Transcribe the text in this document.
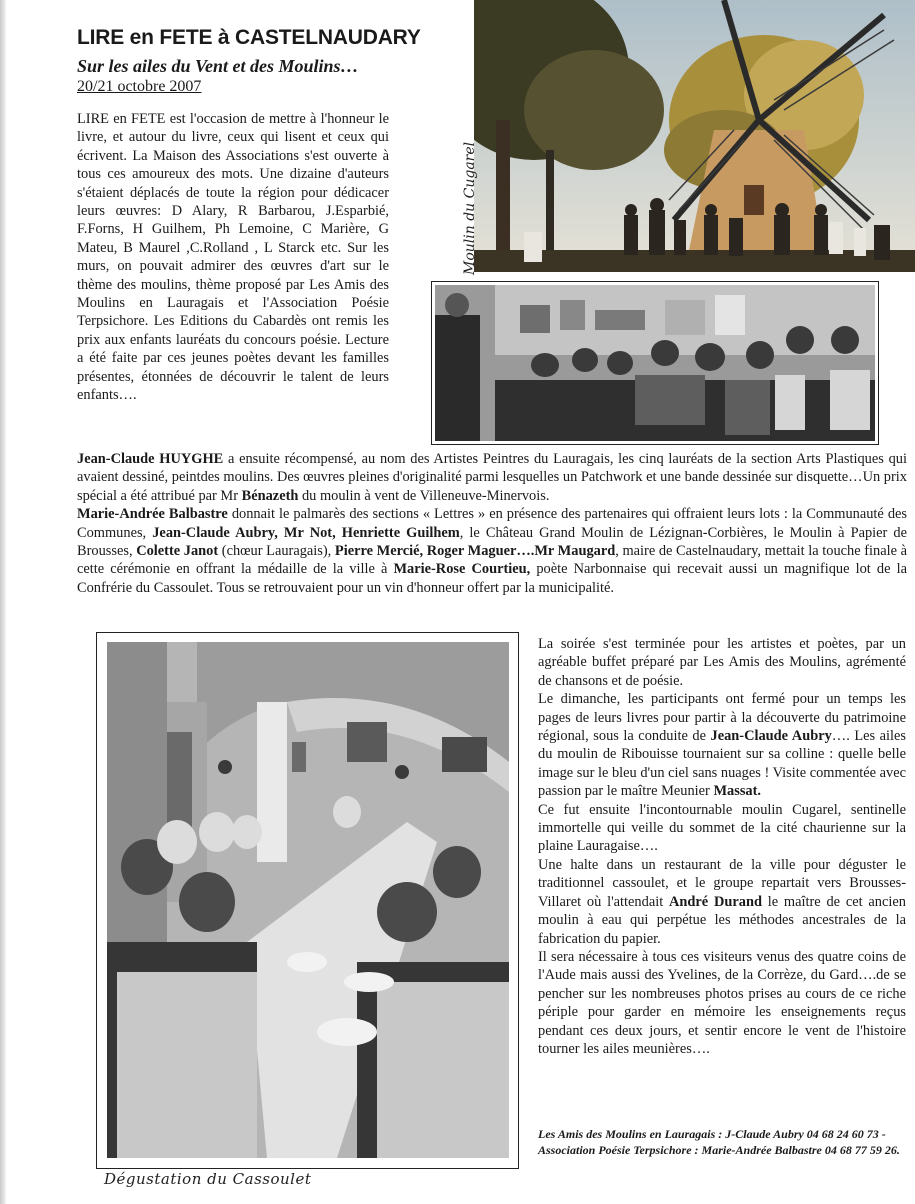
LIRE en FETE à CASTELNAUDARY
Sur les ailes du Vent et des Moulins…
20/21 octobre 2007

LIRE en FETE est l'occasion de mettre à l'honneur le livre, et autour du livre, ceux qui lisent et ceux qui écrivent. La Maison des Associations s'est ouverte à tous ces amoureux des mots. Une dizaine d'auteurs s'étaient déplacés de toute la région pour dédicacer leurs œuvres: D Alary, R Barbarou, J.Esparbié, F.Forns, H Guilhem, Ph Lemoine, C Marière, G Mateu, B Maurel ,C.Rolland , L Starck etc. Sur les murs, on pouvait admirer des œuvres d'art sur le thème des moulins, thème proposé par Les Amis des Moulins en Lauragais et l'Association Poésie Terpsichore. Les Editions du Cabardès ont remis les prix aux enfants lauréats du concours poésie. Lecture a été faite par ces jeunes poètes devant les familles présentes, étonnées de découvrir le talent de leurs enfants….

Moulin du Cugarel

Jean-Claude HUYGHE a ensuite récompensé, au nom des Artistes Peintres du Lauragais, les cinq lauréats de la section Arts Plastiques qui avaient dessiné, peintdes moulins. Des œuvres pleines d'originalité parmi lesquelles un Patchwork et une bande dessinée sur disquette…Un prix spécial a été attribué par Mr Bénazeth du moulin à vent de Villeneuve-Minervois.

Marie-Andrée Balbastre donnait le palmarès des sections « Lettres » en présence des partenaires qui offraient leurs lots : la Communauté des Communes, Jean-Claude Aubry, Mr Not, Henriette Guilhem, le Château Grand Moulin de Lézignan-Corbières, le Moulin à Papier de Brousses, Colette Janot (chœur Lauragais), Pierre Mercié, Roger Maguer….Mr Maugard, maire de Castelnaudary, mettait la touche finale à cette cérémonie en offrant la médaille de la ville à Marie-Rose Courtieu, poète Narbonnaise qui recevait aussi un magnifique lot de la Confrérie du Cassoulet. Tous se retrouvaient pour un vin d'honneur offert par la municipalité.

Dégustation du Cassoulet

La soirée s'est terminée pour les artistes et poètes, par un agréable buffet préparé par Les Amis des Moulins, agrémenté de chansons et de poésie.

Le dimanche, les participants ont fermé pour un temps les pages de leurs livres pour partir à la découverte du patrimoine régional, sous la conduite de Jean-Claude Aubry…. Les ailes du moulin de Ribouisse tournaient sur sa colline : quelle belle image sur le bleu d'un ciel sans nuages ! Visite commentée avec passion par le maître Meunier Massat.

Ce fut ensuite l'incontournable moulin Cugarel, sentinelle immortelle qui veille du sommet de la cité chaurienne sur la plaine Lauragaise….

Une halte dans un restaurant de la ville pour déguster le traditionnel cassoulet, et le groupe repartait vers Brousses-Villaret où l'attendait André Durand le maître de cet ancien moulin à eau qui perpétue les méthodes ancestrales de la fabrication du papier.

Il sera nécessaire à tous ces visiteurs venus des quatre coins de l'Aude mais aussi des Yvelines, de la Corrèze, du Gard….de se pencher sur les nombreuses photos prises au cours de ce riche périple pour garder en mémoire les enseignements reçus pendant ces deux jours, et sentir encore le vent de l'histoire tourner les ailes meunières….

Les Amis des Moulins en Lauragais : J-Claude Aubry 04 68 24 60 73 - Association Poésie Terpsichore : Marie-Andrée Balbastre 04 68 77 59 26.
